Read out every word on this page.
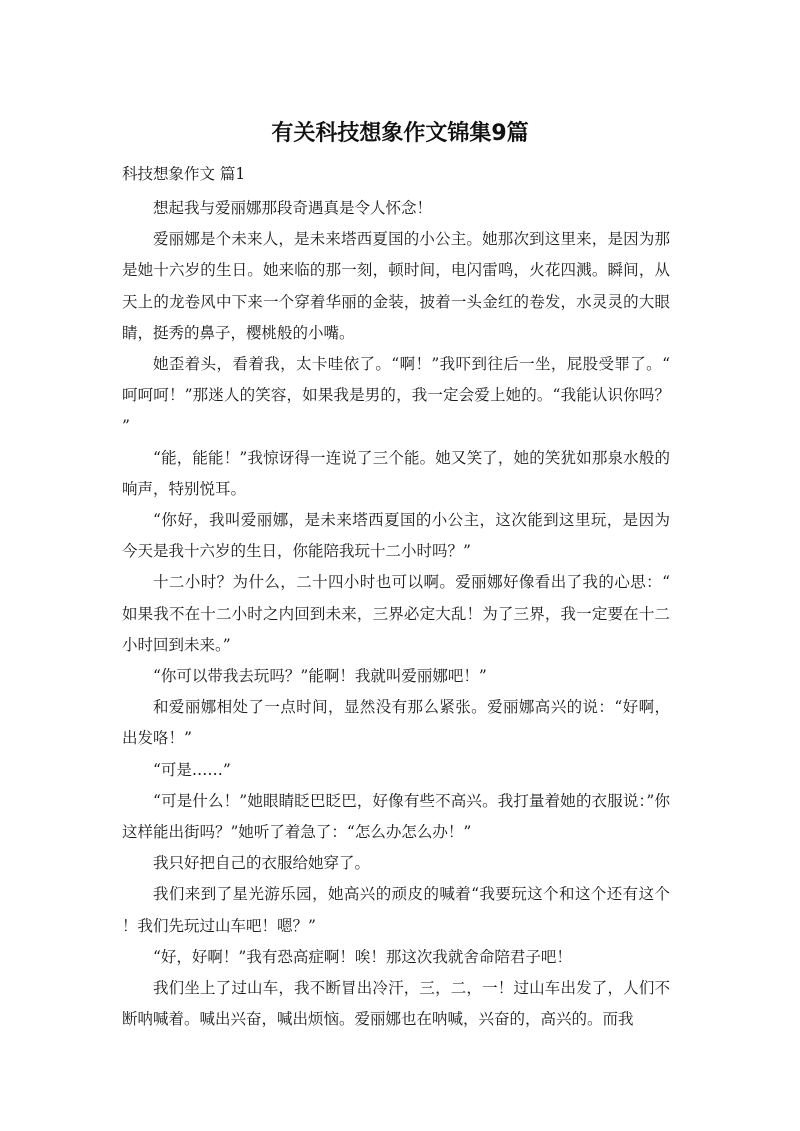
有关科技想象作文锦集9篇

科技想象作文 篇1

想起我与爱丽娜那段奇遇真是令人怀念！

爱丽娜是个未来人，是未来塔西夏国的小公主。她那次到这里来，是因为那是她十六岁的生日。她来临的那一刻，顿时间，电闪雷鸣，火花四溅。瞬间，从天上的龙卷风中下来一个穿着华丽的金装，披着一头金红的卷发，水灵灵的大眼睛，挺秀的鼻子，樱桃般的小嘴。

她歪着头，看着我，太卡哇依了。“啊！”我吓到往后一坐，屁股受罪了。“呵呵呵！”那迷人的笑容，如果我是男的，我一定会爱上她的。“我能认识你吗？”

“能，能能！”我惊讶得一连说了三个能。她又笑了，她的笑犹如那泉水般的响声，特别悦耳。

“你好，我叫爱丽娜，是未来塔西夏国的小公主，这次能到这里玩，是因为今天是我十六岁的生日，你能陪我玩十二小时吗？”

十二小时？为什么，二十四小时也可以啊。爱丽娜好像看出了我的心思：“如果我不在十二小时之内回到未来，三界必定大乱！为了三界，我一定要在十二小时回到未来。”

“你可以带我去玩吗？”能啊！我就叫爱丽娜吧！”

和爱丽娜相处了一点时间，显然没有那么紧张。爱丽娜高兴的说：“好啊，出发咯！”

“可是……”

“可是什么！”她眼睛眨巴眨巴，好像有些不高兴。我打量着她的衣服说：”你这样能出街吗？”她听了着急了：“怎么办怎么办！”

我只好把自己的衣服给她穿了。

我们来到了星光游乐园，她高兴的顽皮的喊着“我要玩这个和这个还有这个！我们先玩过山车吧！嗯？”

“好，好啊！”我有恐高症啊！唉！那这次我就舍命陪君子吧！

我们坐上了过山车，我不断冒出冷汗，三，二，一！过山车出发了，人们不断呐喊着。喊出兴奋，喊出烦恼。爱丽娜也在呐喊，兴奋的，高兴的。而我
